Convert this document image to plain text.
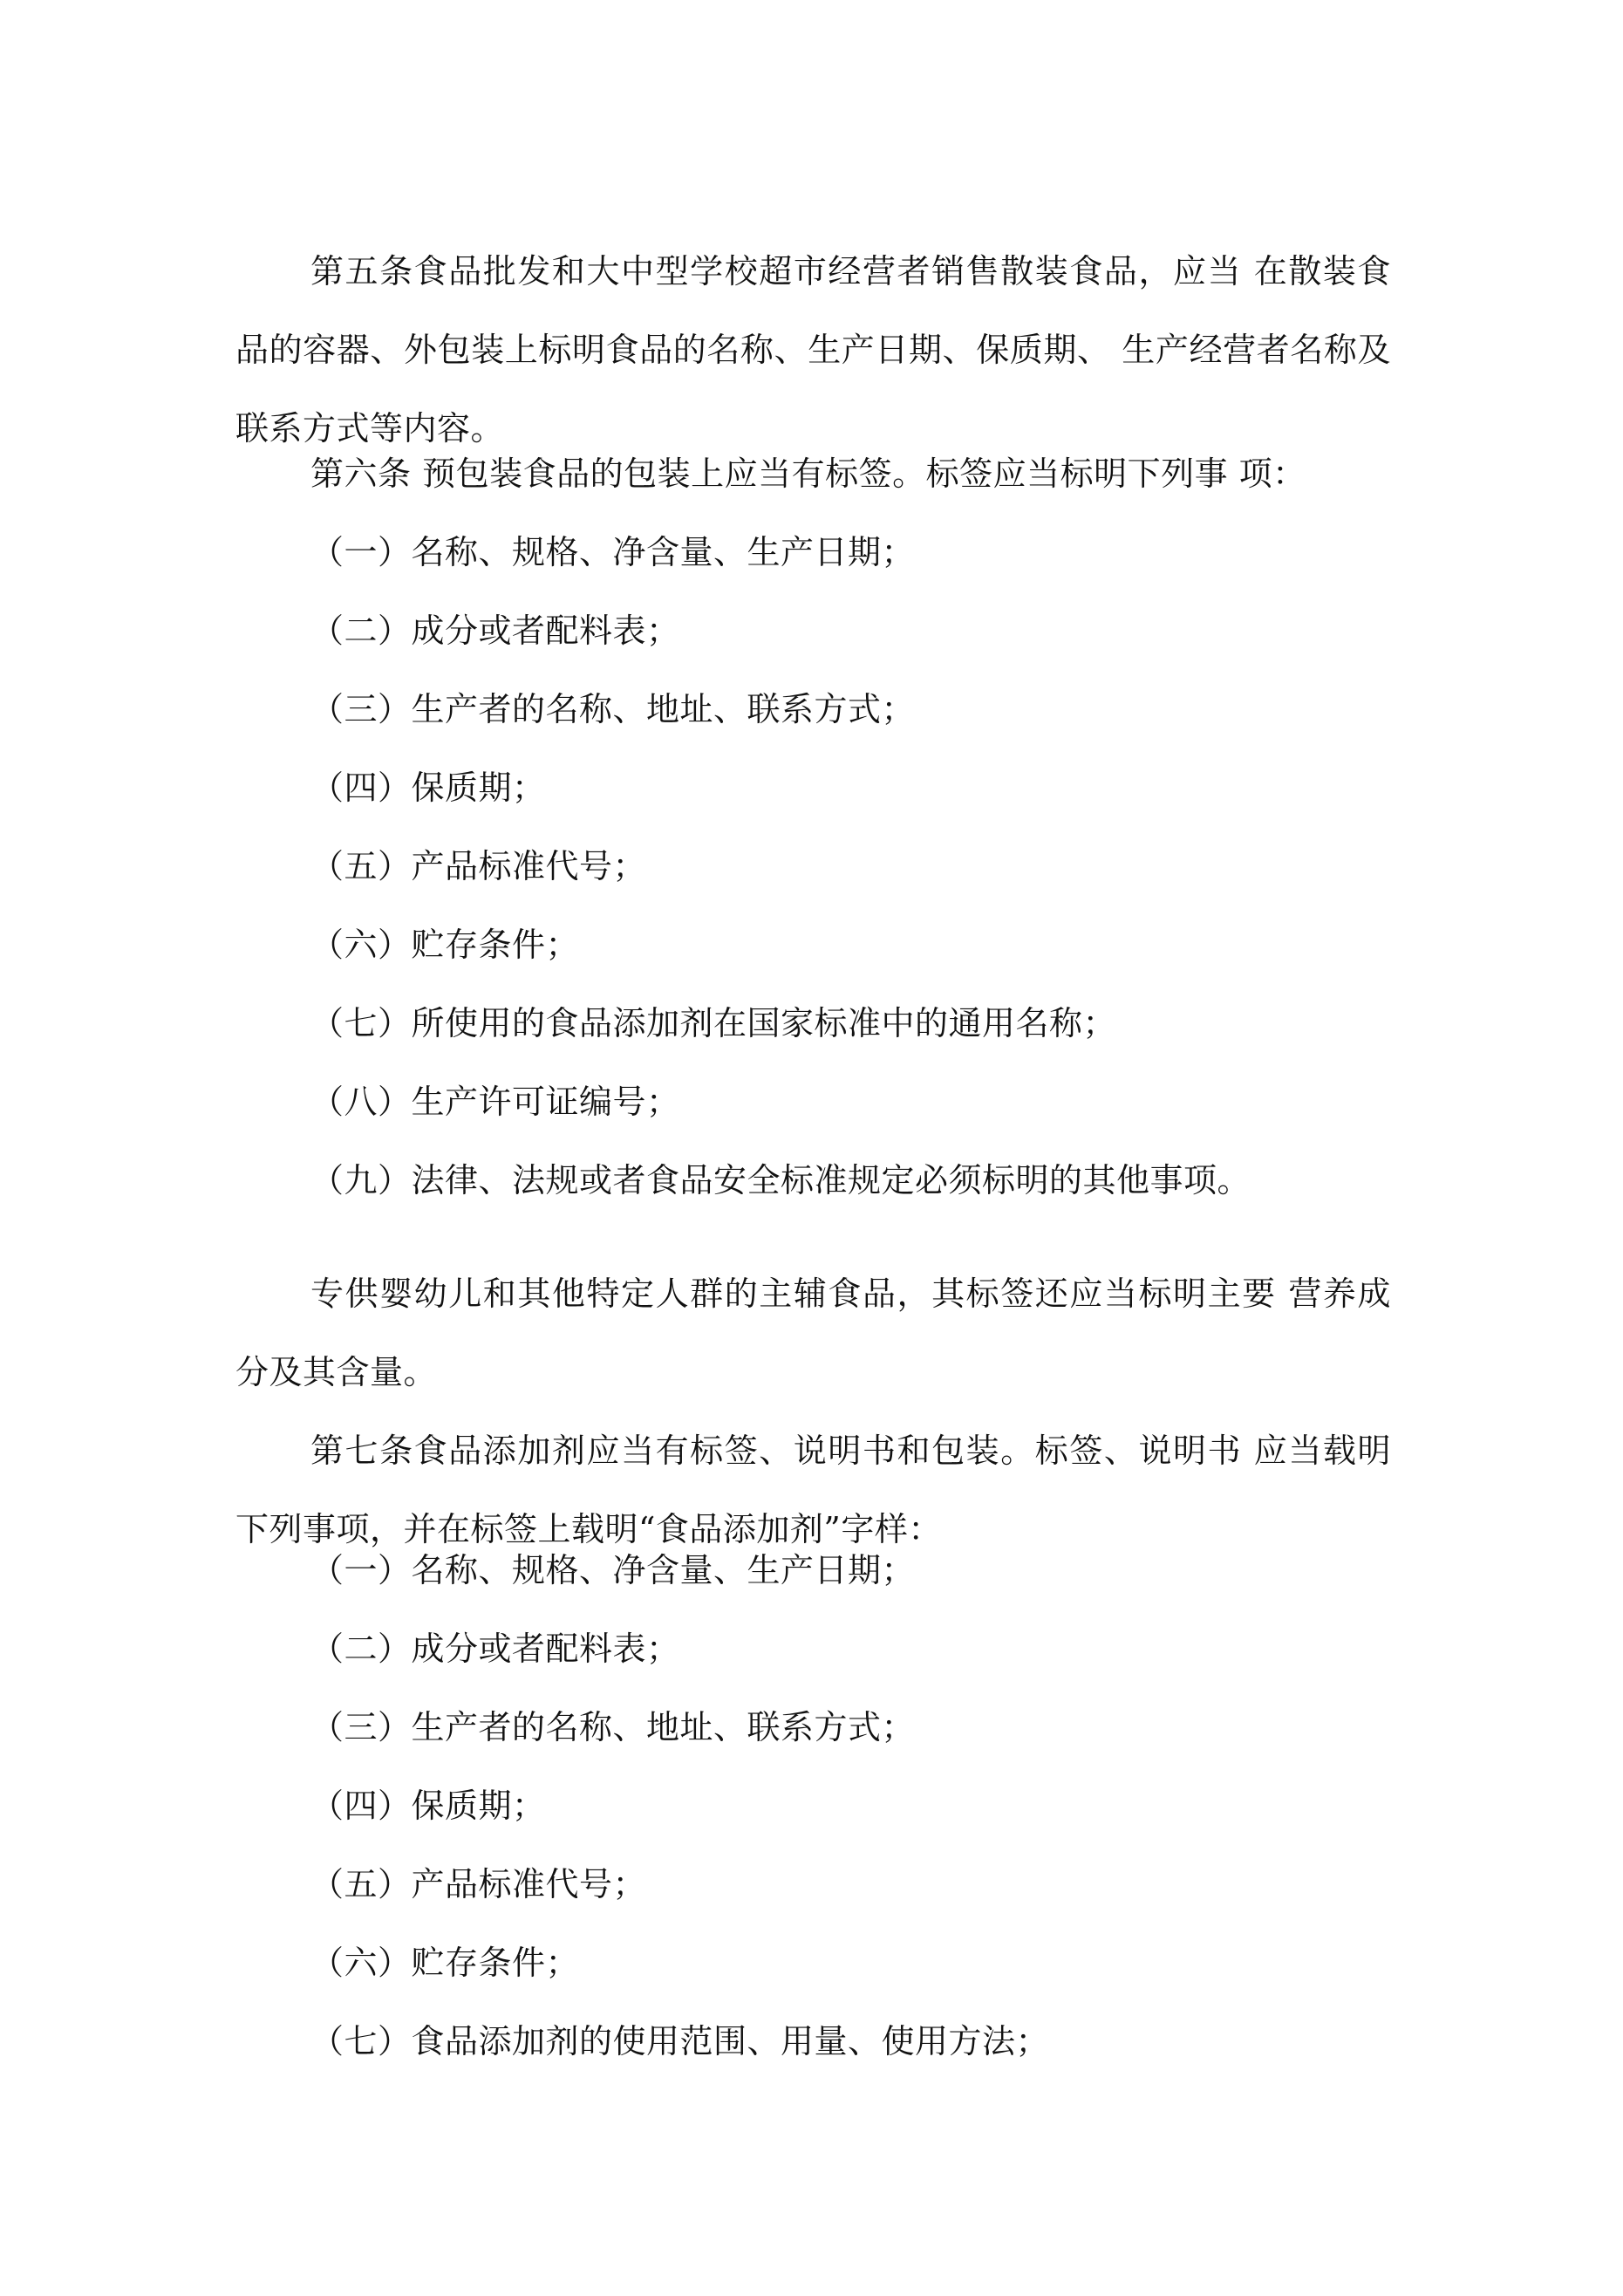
第五条食品批发和大中型学校超市经营者销售散装食品，应当 在散装食品的容器、外包装上标明食品的名称、生产日期、保质期、 生产经营者名称及联系方式等内容。

第六条 预包装食品的包装上应当有标签。标签应当标明下列事 项：

（一）名称、规格、净含量、生产日期；

（二）成分或者配料表；

（三）生产者的名称、地址、联系方式；

（四）保质期；

（五）产品标准代号；

（六）贮存条件；

（七）所使用的食品添加剂在国家标准中的通用名称；

（八）生产许可证编号；

（九）法律、法规或者食品安全标准规定必须标明的其他事项。

专供婴幼儿和其他特定人群的主辅食品，其标签还应当标明主要 营养成分及其含量。

第七条食品添加剂应当有标签、说明书和包装。标签、说明书 应当载明下列事项，并在标签上载明“食品添加剂”字样：

（一）名称、规格、净含量、生产日期；

（二）成分或者配料表；

（三）生产者的名称、地址、联系方式；

（四）保质期；

（五）产品标准代号；

（六）贮存条件；

（七）食品添加剂的使用范围、用量、使用方法；
